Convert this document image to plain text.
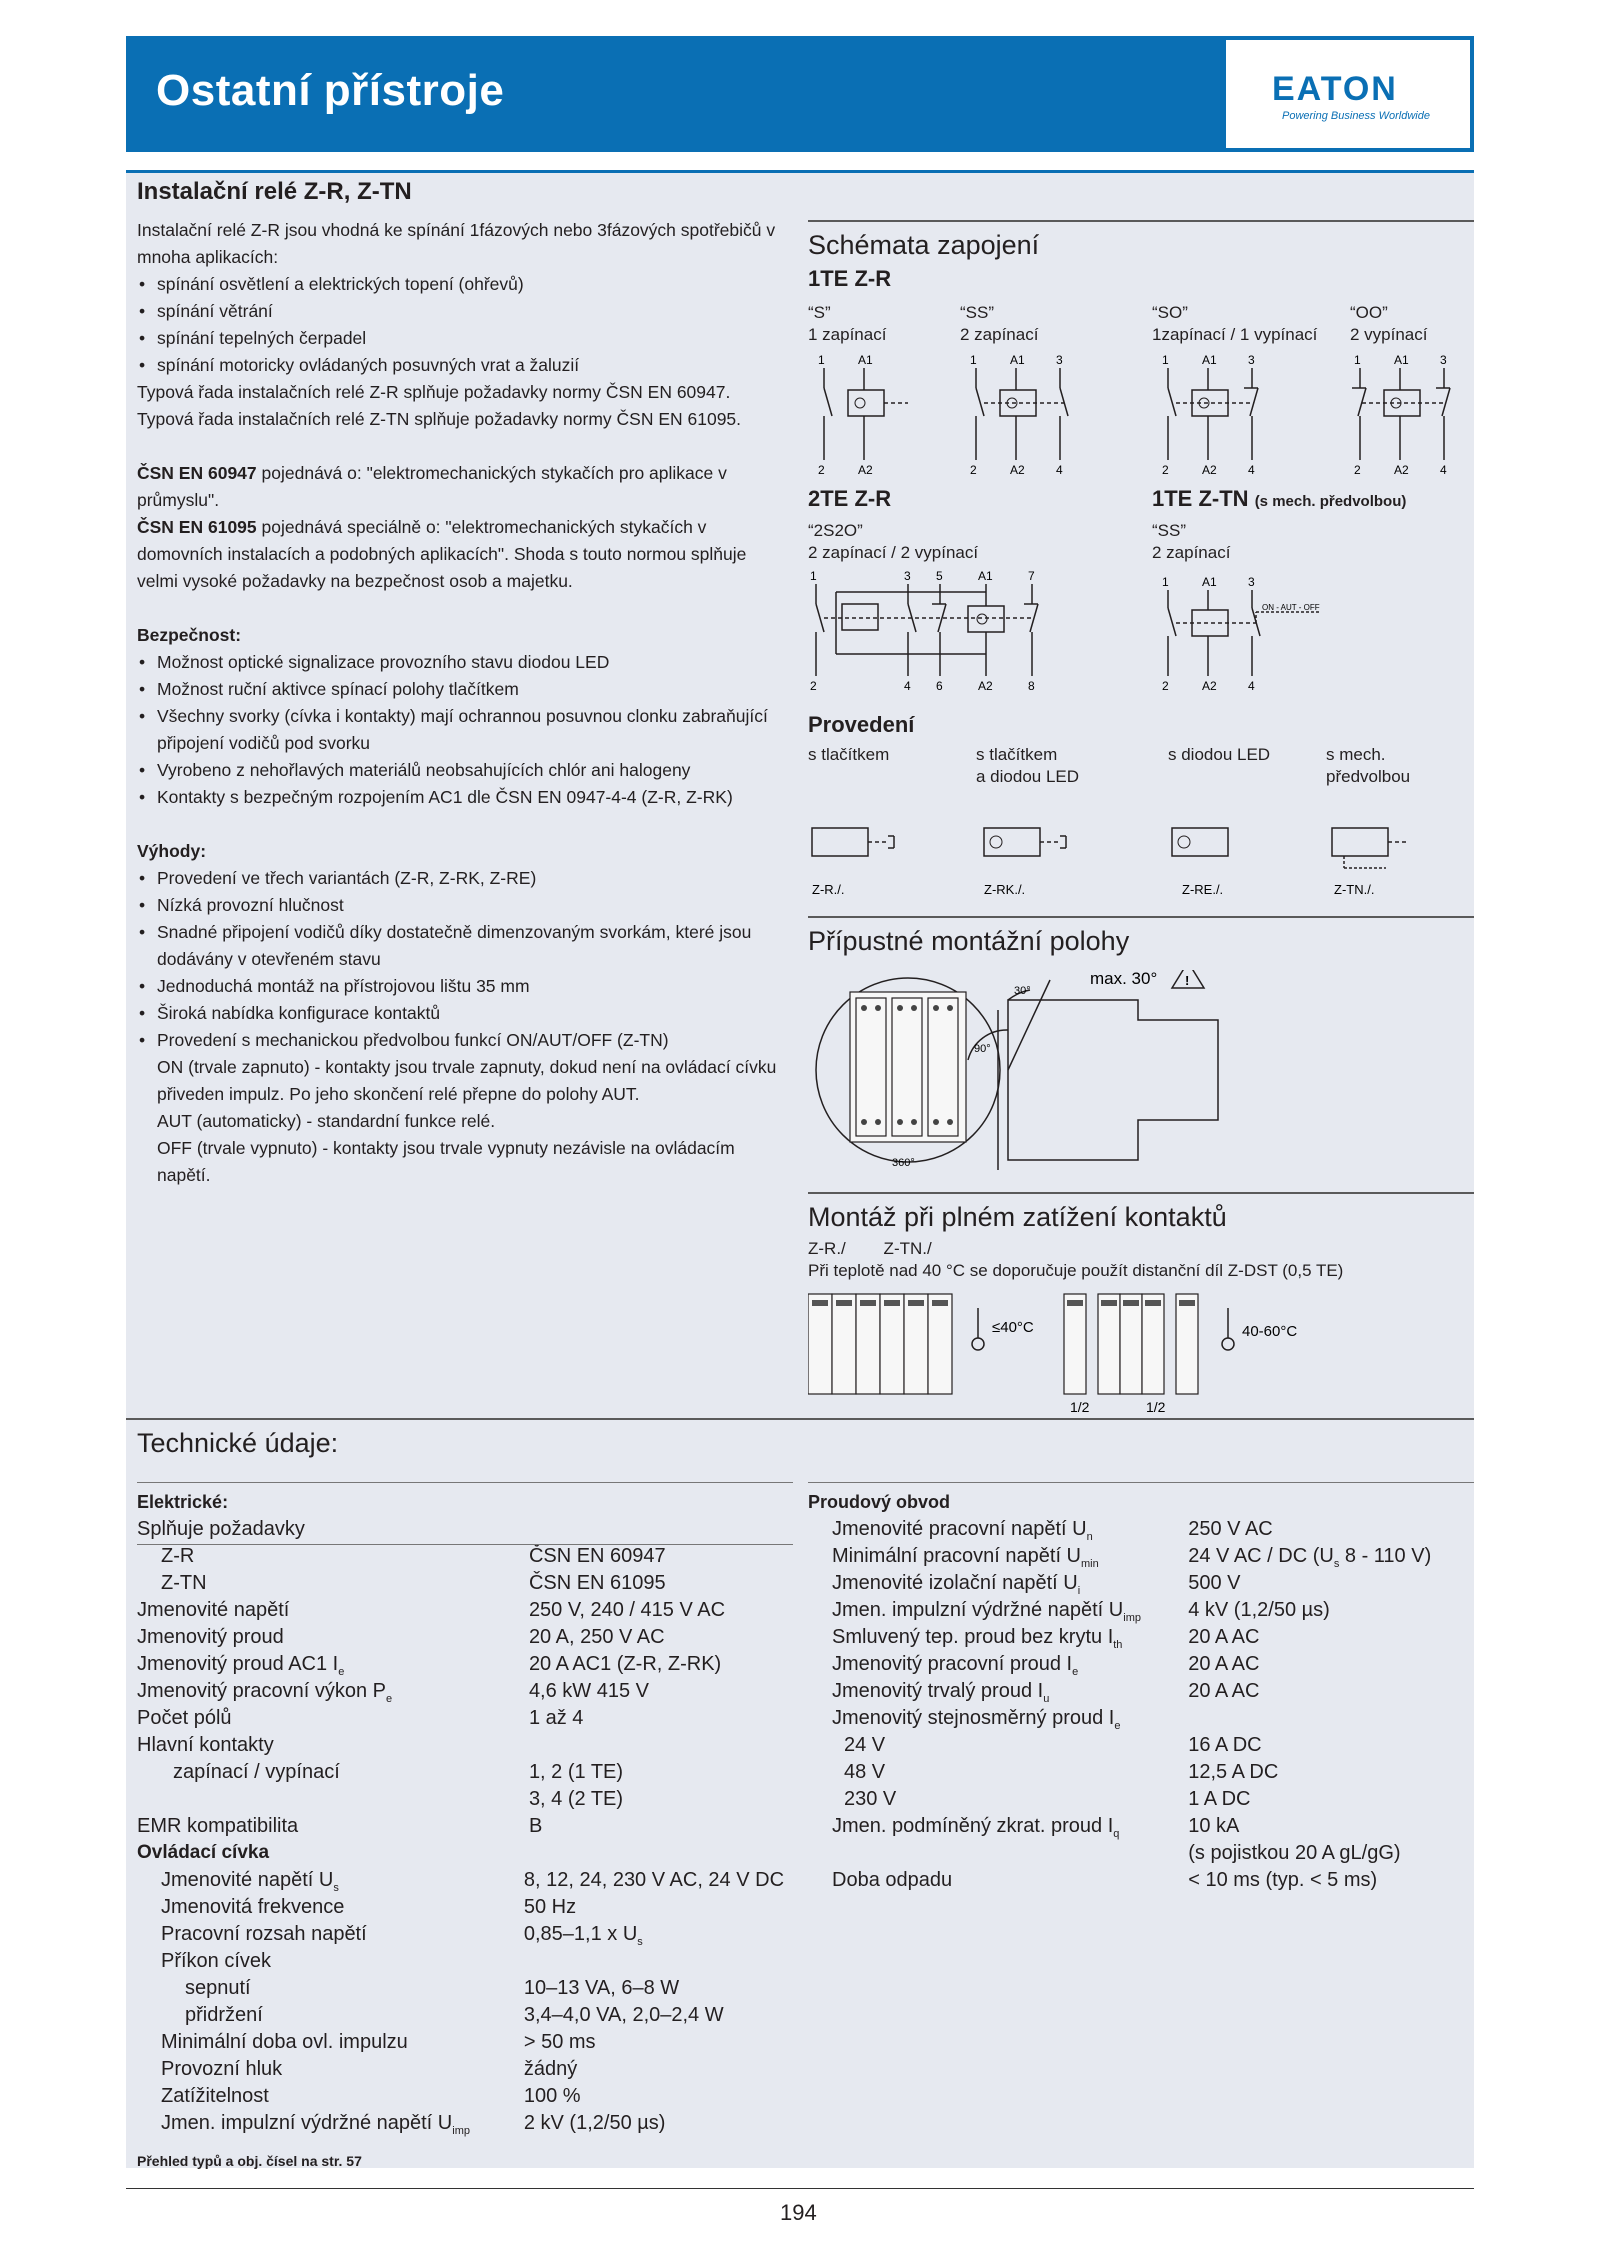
Ostatní přístroje	EATON
Powering Business Worldwide
Instalační relé Z-R, Z-TN

Instalační relé Z-R jsou vhodná ke spínání 1fázových nebo 3fázových spotřebičů v mnoha aplikacích:

• spínání osvětlení a elektrických topení (ohřevů)
• spínání větrání
• spínání tepelných čerpadel
• spínání motoricky ovládaných posuvných vrat a žaluzií

Typová řada instalačních relé Z-R splňuje požadavky normy ČSN EN 60947. Typová řada instalačních relé Z-TN splňuje požadavky normy ČSN EN 61095.

ČSN EN 60947 pojednává o: "elektromechanických stykačích pro aplikace v průmyslu".

ČSN EN 61095 pojednává speciálně o: "elektromechanických stykačích v domovních instalacích a podobných aplikacích". Shoda s touto normou splňuje velmi vysoké požadavky na bezpečnost osob a majetku.

Bezpečnost:

• Možnost optické signalizace provozního stavu diodou LED
• Možnost ruční aktivce spínací polohy tlačítkem
• Všechny svorky (cívka i kontakty) mají ochrannou posuvnou clonku zabraňující připojení vodičů pod svorku
• Vyrobeno z nehořlavých materiálů neobsahujících chlór ani halogeny
• Kontakty s bezpečným rozpojením AC1 dle ČSN EN 0947-4-4 (Z-R, Z-RK)

Výhody:

• Provedení ve třech variantách (Z-R, Z-RK, Z-RE)
• Nízká provozní hlučnost
• Snadné připojení vodičů díky dostatečně dimenzovaným svorkám, které jsou dodávány v otevřeném stavu
• Jednoduchá montáž na přístrojovou lištu 35 mm
• Široká nabídka konfigurace kontaktů
• Provedení s mechanickou předvolbou funkcí ON/AUT/OFF (Z-TN)

ON (trvale zapnuto) - kontakty jsou trvale zapnuty, dokud není na ovládací cívku přiveden impulz. Po jeho skončení relé přepne do polohy AUT.

AUT (automaticky) - standardní funkce relé.

OFF (trvale vypnuto) - kontakty jsou trvale vypnuty nezávisle na ovládacím napětí.

Schémata zapojení
1TE Z-R
“S”
1 zapínací
“SS”
2 zapínací
“SO”
1zapínací / 1 vypínací
“OO”
2 vypínací
1	A1
2	A2
1	A1	3
2	A2	4
1	A1	3
2	A2	4
1	A1	3
2	A2	4
2TE Z-R	1TE Z-TN (s mech. předvolbou)
“2S2O”
2 zapínací / 2 vypínací
“SS”
2 zapínací
1	3 5	A1	7
2	4 6	A2	8
1	A1	3
2	A2	4
ON - AUT - OFF
Provedení
s tlačítkem	s tlačítkem
a diodou LED
s diodou LED	s mech.
předvolbou
Z-R./.	Z-RK./.	Z-RE./.	Z-TN./.
Přípustné montážní polohy
360°
max. 30°
30°
90°
!
Montáž při plném zatížení kontaktů
Z-R./        Z-TN./
Při teplotě nad 40 °C se doporučuje použít distanční díl Z-DST (0,5 TE)
≤40°C	40-60°C
1/2	1/2
Technické údaje:
Elektrické:
Splňuje požadavky	
Z-R	ČSN EN 60947
Z-TN	ČSN EN 61095
Jmenovité napětí	250 V, 240 / 415 V AC
Jmenovitý proud	20 A, 250 V AC
Jmenovitý proud AC1 $I_e$	20 A AC1 (Z-R, Z-RK)
Jmenovitý pracovní výkon $P_e$	4,6 kW 415 V
Počet pólů	1 až 4
Hlavní kontakty	
zapínací / vypínací	1, 2 (1 TE)
	3, 4 (2 TE)
EMR kompatibilita	B
Ovládací cívka
Jmenovité napětí $U_s$	8, 12, 24, 230 V AC, 24 V DC
Jmenovitá frekvence	50 Hz
Pracovní rozsah napětí	0,85–1,1 x $U_s$
Příkon cívek	
sepnutí	10–13 VA, 6–8 W
přidržení	3,4–4,0 VA, 2,0–2,4 W
Minimální doba ovl. impulzu	> 50 ms
Provozní hluk	žádný
Zatížitelnost	100 %
Jmen. impulzní výdržné napětí $U_{imp}$	2 kV (1,2/50 µs)
Přehled typů a obj. čísel na str. 57
Proudový obvod
Jmenovité pracovní napětí $U_n$	250 V AC
Minimální pracovní napětí $U_{min}$	24 V AC / DC ($U_s$ 8 - 110 V)
Jmenovité izolační napětí $U_i$	500 V
Jmen. impulzní výdržné napětí $U_{imp}$	4 kV (1,2/50 µs)
Smluvený tep. proud bez krytu $I_{th}$	20 A AC
Jmenovitý pracovní proud $I_e$	20 A AC
Jmenovitý trvalý proud $I_u$	20 A AC
Jmenovitý stejnosměrný proud $I_e$	
24 V	16 A DC
48 V	12,5 A DC
230 V	1 A DC
Jmen. podmíněný zkrat. proud $I_q$	10 kA
	(s pojistkou 20 A gL/gG)
Doba odpadu	< 10 ms (typ. < 5 ms)
194
